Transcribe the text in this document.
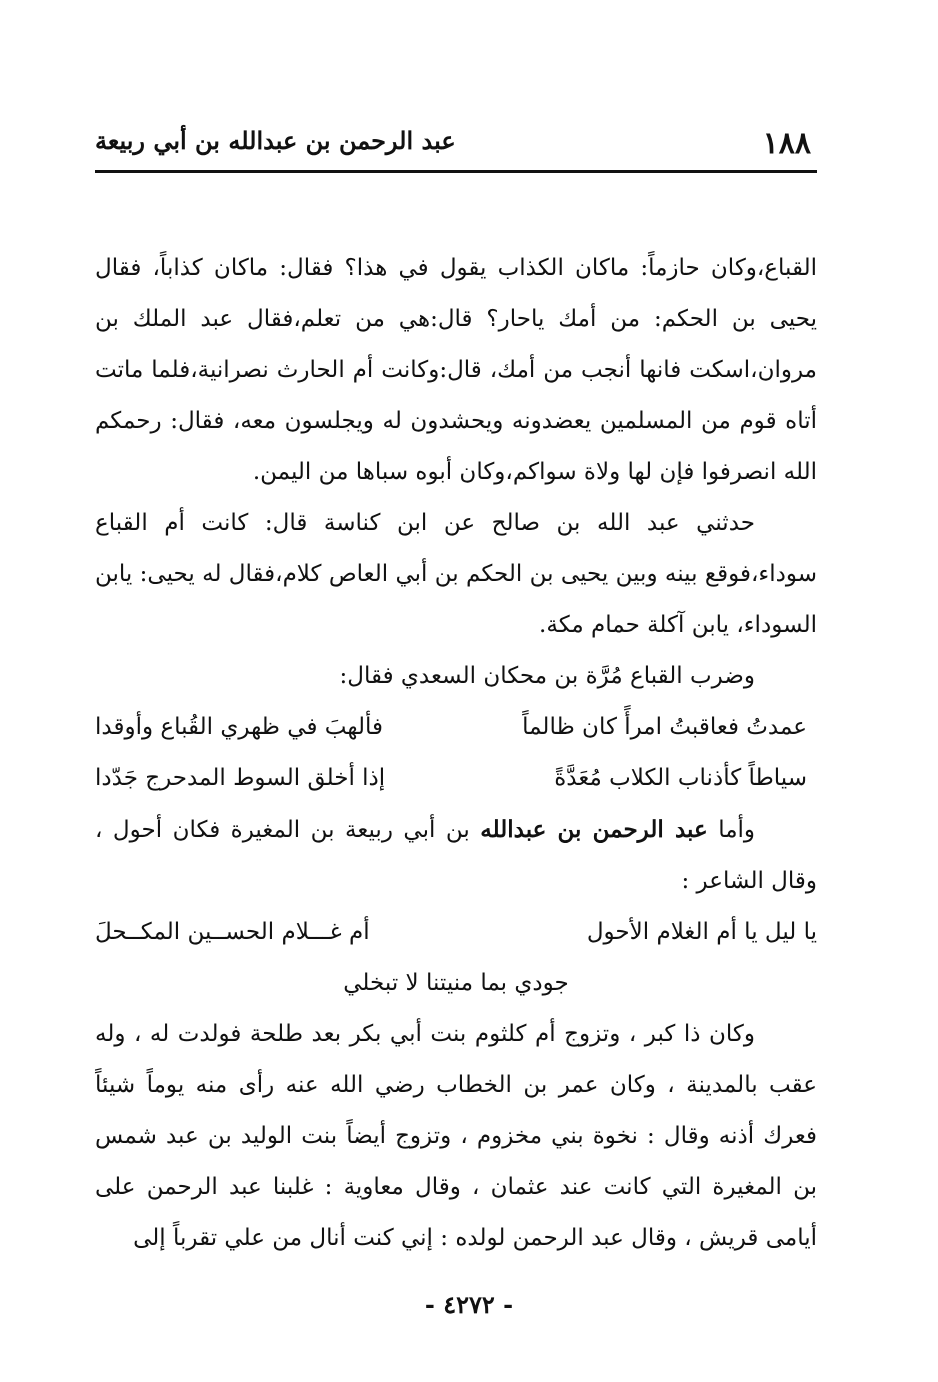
١٨٨
عبد الرحمن بن عبدالله بن أبي ربيعة

القباع،وكان حازماً: ماكان الكذاب يقول في هذا؟ فقال: ماكان كذاباً، فقال يحيى بن الحكم: من أمك ياحار؟ قال:هي من تعلم،فقال عبد الملك بن مروان،اسكت فانها أنجب من أمك، قال:وكانت أم الحارث نصرانية،فلما ماتت أتاه قوم من المسلمين يعضدونه ويحشدون له ويجلسون معه، فقال: رحمكم الله انصرفوا فإن لها ولاة سواكم،وكان أبوه سباها من اليمن.

حدثني عبد الله بن صالح عن ابن كناسة قال: كانت أم القباع سوداء،فوقع بينه وبين يحيى بن الحكم بن أبي العاص كلام،فقال له يحيى: يابن السوداء، يابن آكلة حمام مكة.

وضرب القباع مُرَّة بن محكان السعدي فقال:

عمدتُ فعاقبتُ امرأً كان ظالماً
فألهبَ في ظهري القُباع وأوقدا
سياطاً كأذناب الكلاب مُعَدَّةً
إذا أخلق السوط المدحرج جَدّدا

وأما عبد الرحمن بن عبدالله بن أبي ربيعة بن المغيرة فكان أحول ، وقال الشاعر :

يا ليل يا أم الغلام الأحول
أم غـــلام الحســين المكــحلَ
جودي بما منيتنا لا تبخلي

وكان ذا كبر ، وتزوج أم كلثوم بنت أبي بكر بعد طلحة فولدت له ، وله عقب بالمدينة ، وكان عمر بن الخطاب رضي الله عنه رأى منه يوماً شيئاً فعرك أذنه وقال : نخوة بني مخزوم ، وتزوج أيضاً بنت الوليد بن عبد شمس بن المغيرة التي كانت عند عثمان ، وقال معاوية : غلبنا عبد الرحمن على أيامى قريش ، وقال عبد الرحمن لولده : إني كنت أنال من علي تقرباً إلى

- ٤٢٧٢ -
